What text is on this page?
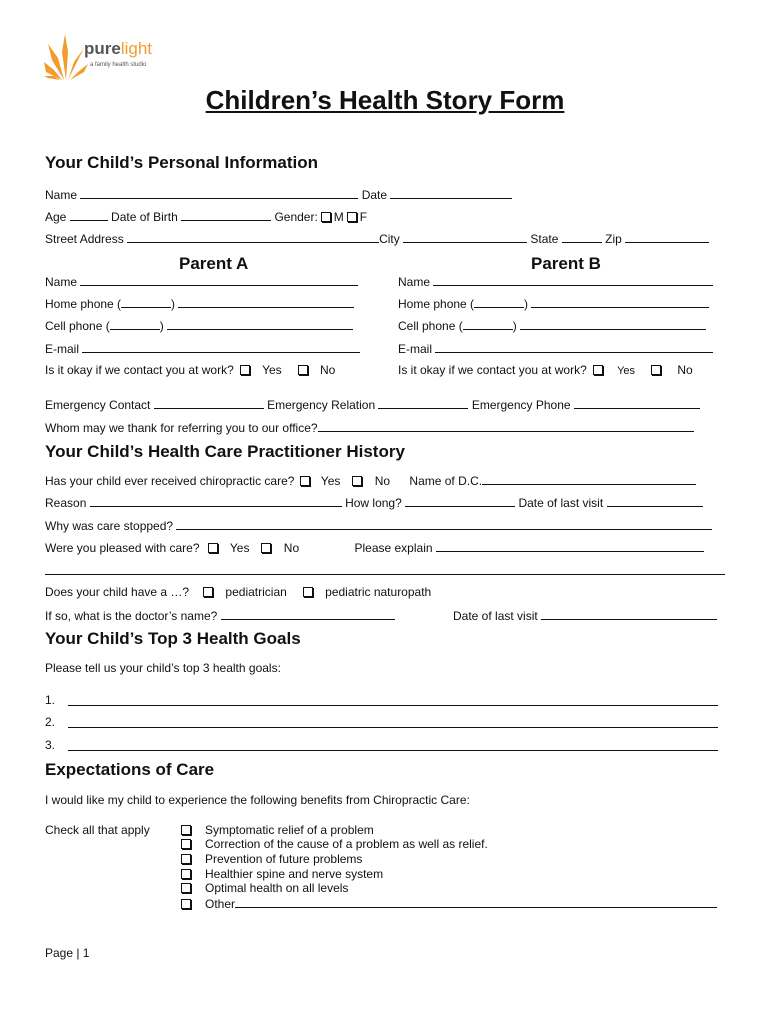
purelight
a family health studio
Children’s Health Story Form
Your Child’s Personal Information
Name	Date
Age	Date of Birth	Gender: M F
Street Address	City	State	Zip
Parent A	Parent B
Name
Home phone (	)
Cell phone (	)
E-mail
Is it okay if we contact you at work? Yes	No
Name
Home phone (	)
Cell phone (	)
E-mail
Is it okay if we contact you at work?	Yes	No
Emergency Contact	Emergency Relation	Emergency Phone
Whom may we thank for referring you to our office?
Your Child’s Health Care Practitioner History
Has your child ever received chiropractic care? Yes	No Name of D.C.
Reason	How long?	Date of last visit
Why was care stopped?
Were you pleased with care?	Yes	No	Please explain
Does your child have a …?	pediatrician	pediatric naturopath
If so, what is the doctor’s name?	Date of last visit
Your Child’s Top 3 Health Goals
Please tell us your child’s top 3 health goals:
1.
2.
3.
Expectations of Care
I would like my child to experience the following benefits from Chiropractic Care:
Check all that apply	Symptomatic relief of a problem
Correction of the cause of a problem as well as relief.
Prevention of future problems
Healthier spine and nerve system
Optimal health on all levels
Other
Page | 1
